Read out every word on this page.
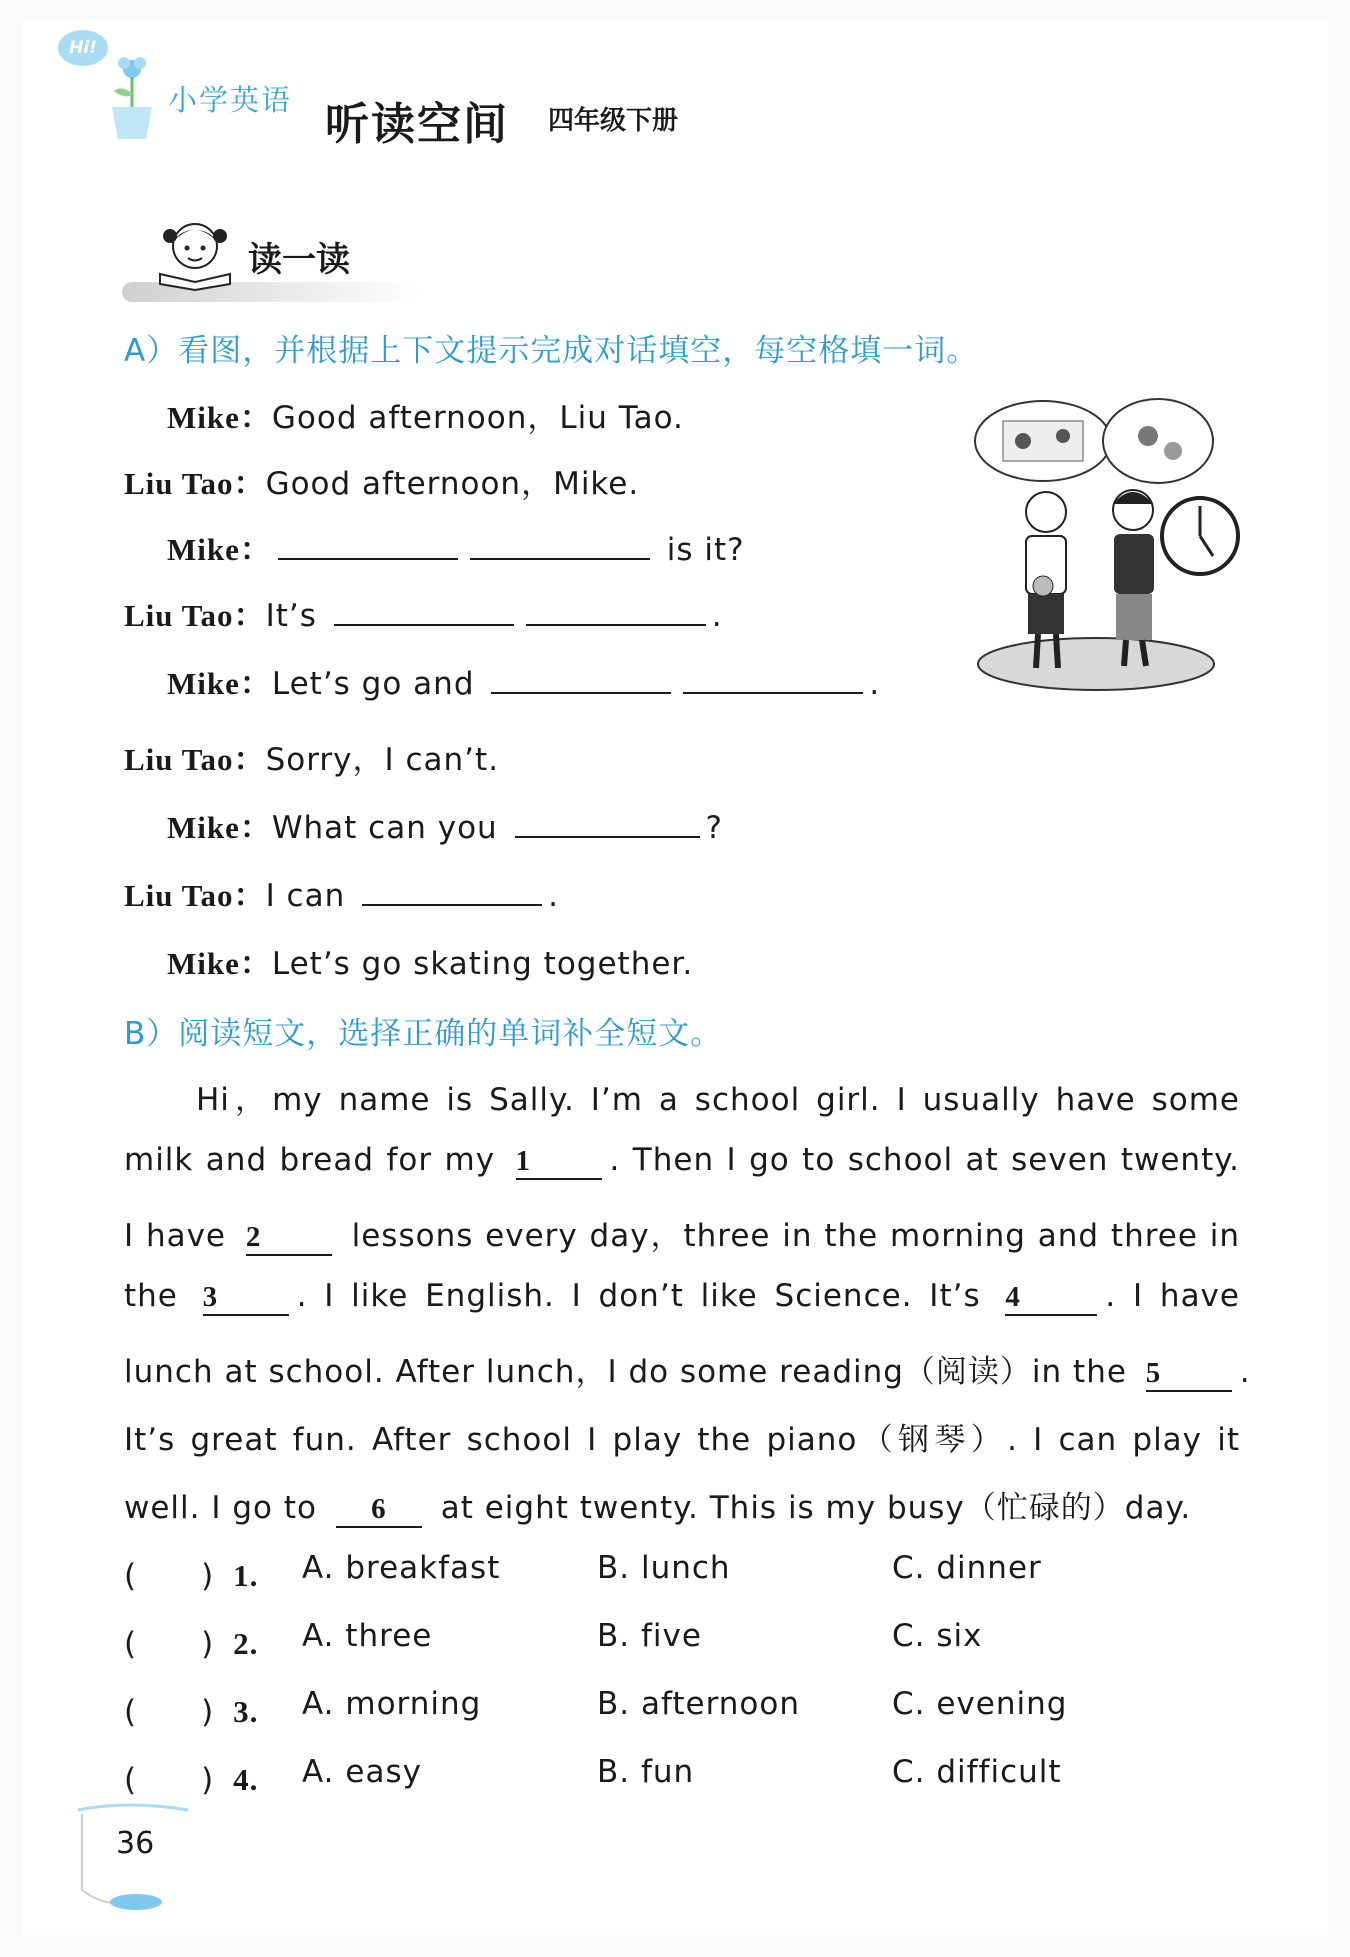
Hi!
小学英语 听读空间 四年级下册
读一读
A）看图，并根据上下文提示完成对话填空，每空格填一词。
Mike：Good afternoon，Liu Tao.
Liu Tao：Good afternoon，Mike.
Mike：	is it?
Liu Tao：It’s	.
Mike：Let’s go and	.
Liu Tao：Sorry，I can’t.
Mike：What can you	?
Liu Tao：I can	.
Mike：Let’s go skating together.
B）阅读短文，选择正确的单词补全短文。
Hi，my name is Sally. I’m a school girl. I usually have some
milk and bread for my 1	. Then I go to school at seven twenty.
I have 2	lessons every day，three in the morning and three in
the 3	. I like English. I don’t like Science. It’s 4	. I have
lunch at school. After lunch，I do some reading（阅读）in the 5	.
It’s great fun. After school I play the piano（钢琴）. I can play it
well. I go to 6 at eight twenty. This is my busy（忙碌的）day.
(　　) 1. A. breakfast	B. lunch	C. dinner
(　　) 2. A. three	B. five	C. six
(　　) 3. A. morning	B. afternoon	C. evening
(　　) 4. A. easy	B. fun	C. difficult
36
